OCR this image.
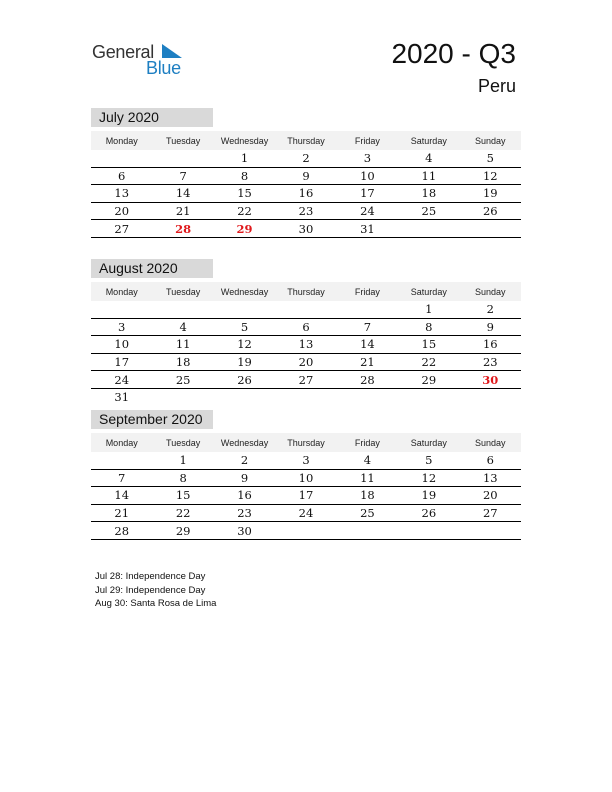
General
Blue	2020 - Q3
Peru
July 2020
Monday	Tuesday	Wednesday	Thursday	Friday	Saturday	Sunday
		1	2	3	4	5
6	7	8	9	10	11	12
13	14	15	16	17	18	19
20	21	22	23	24	25	26
27	28	29	30	31		
August 2020
Monday	Tuesday	Wednesday	Thursday	Friday	Saturday	Sunday
					1	2
3	4	5	6	7	8	9
10	11	12	13	14	15	16
17	18	19	20	21	22	23
24	25	26	27	28	29	30
31						
September 2020
Monday	Tuesday	Wednesday	Thursday	Friday	Saturday	Sunday
	1	2	3	4	5	6
7	8	9	10	11	12	13
14	15	16	17	18	19	20
21	22	23	24	25	26	27
28	29	30				
Jul 28: Independence Day
Jul 29: Independence Day
Aug 30: Santa Rosa de Lima
